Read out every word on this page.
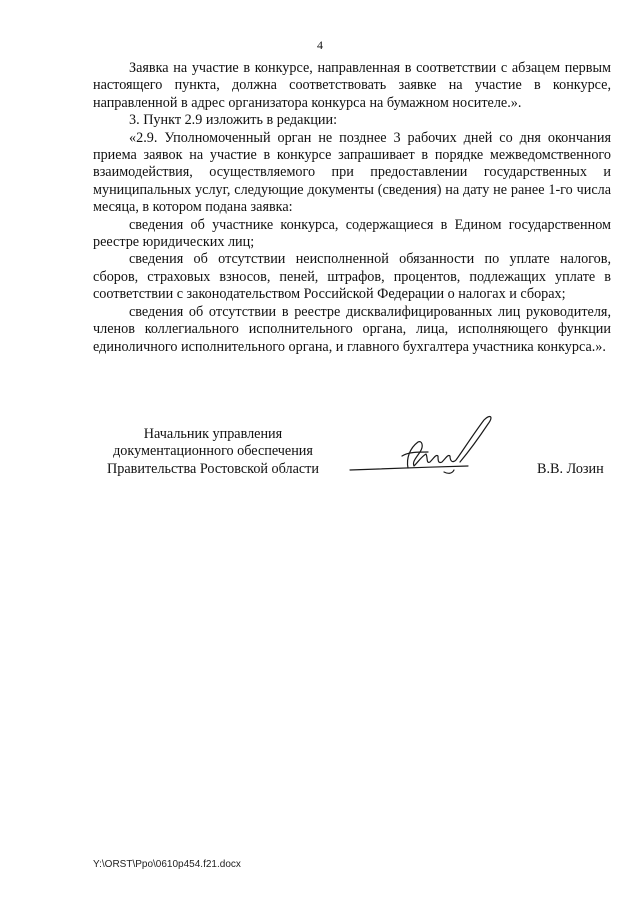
4

Заявка на участие в конкурсе, направленная в соответствии с абзацем первым настоящего пункта, должна соответствовать заявке на участие в конкурсе, направленной в адрес организатора конкурса на бумажном носителе.».

3. Пункт 2.9 изложить в редакции:

«2.9. Уполномоченный орган не позднее 3 рабочих дней со дня окончания приема заявок на участие в конкурсе запрашивает в порядке межведомственного взаимодействия, осуществляемого при предоставлении государственных и муниципальных услуг, следующие документы (сведения) на дату не ранее 1-го числа месяца, в котором подана заявка:

сведения об участнике конкурса, содержащиеся в Едином государственном реестре юридических лиц;

сведения об отсутствии неисполненной обязанности по уплате налогов, сборов, страховых взносов, пеней, штрафов, процентов, подлежащих уплате в соответствии с законодательством Российской Федерации о налогах и сборах;

сведения об отсутствии в реестре дисквалифицированных лиц руководителя, членов коллегиального исполнительного органа, лица, исполняющего функции единоличного исполнительного органа, и главного бухгалтера участника конкурса.».

Начальник управления
документационного обеспечения
Правительства Ростовской области	В.В. Лозин
Y:\ORST\Ppo\0610p454.f21.docx
